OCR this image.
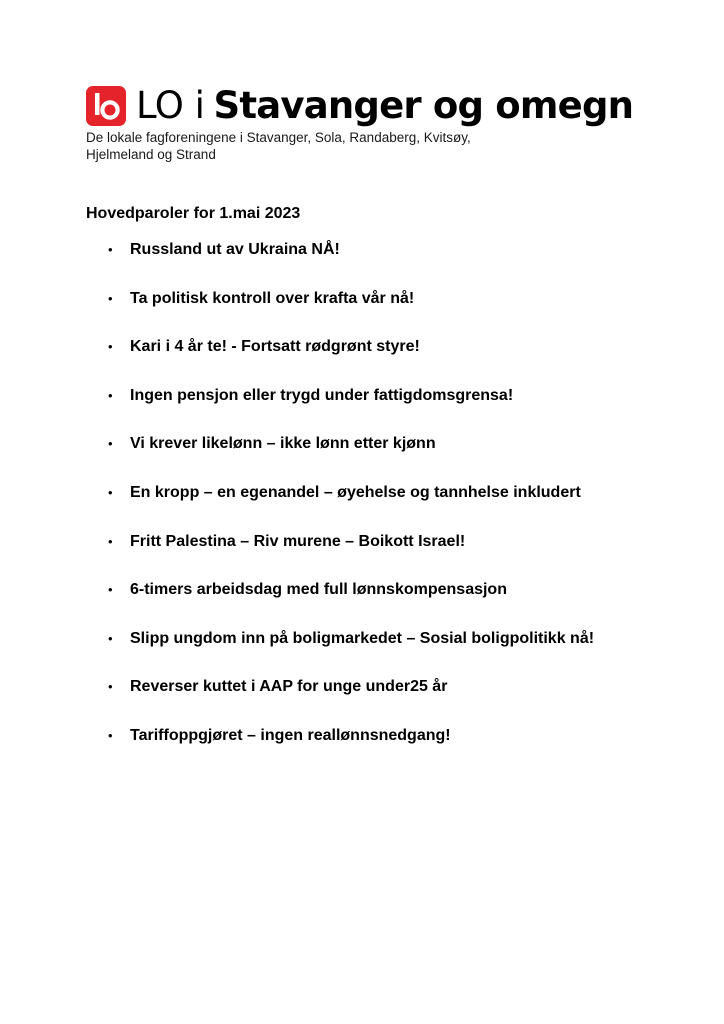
LO i Stavanger og omegn
De lokale fagforeningene i Stavanger, Sola, Randaberg, Kvitsøy, Hjelmeland og Strand
Hovedparoler for 1.mai 2023
•	Russland ut av Ukraina NÅ!
•	Ta politisk kontroll over krafta vår nå!
•	Kari i 4 år te! - Fortsatt rødgrønt styre!
•	Ingen pensjon eller trygd under fattigdomsgrensa!
•	Vi krever likelønn – ikke lønn etter kjønn
•	En kropp – en egenandel – øyehelse og tannhelse inkludert
•	Fritt Palestina – Riv murene – Boikott Israel!
•	6-timers arbeidsdag med full lønnskompensasjon
•	Slipp ungdom inn på boligmarkedet – Sosial boligpolitikk nå!
•	Reverser kuttet i AAP for unge under25 år
•	Tariffoppgjøret – ingen reallønnsnedgang!
